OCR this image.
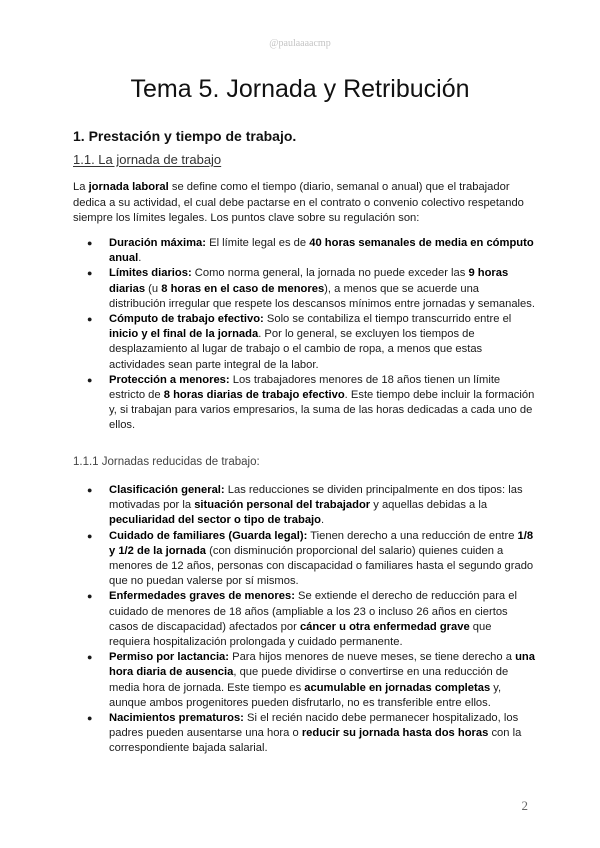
@paulaaaacmp
Tema 5. Jornada y Retribución
1. Prestación y tiempo de trabajo.
1.1. La jornada de trabajo

La jornada laboral se define como el tiempo (diario, semanal o anual) que el trabajador dedica a su actividad, el cual debe pactarse en el contrato o convenio colectivo respetando siempre los límites legales. Los puntos clave sobre su regulación son:

● Duración máxima: El límite legal es de 40 horas semanales de media en cómputo anual.
● Límites diarios: Como norma general, la jornada no puede exceder las 9 horas diarias (u 8 horas en el caso de menores), a menos que se acuerde una distribución irregular que respete los descansos mínimos entre jornadas y semanales.
● Cómputo de trabajo efectivo: Solo se contabiliza el tiempo transcurrido entre el inicio y el final de la jornada. Por lo general, se excluyen los tiempos de desplazamiento al lugar de trabajo o el cambio de ropa, a menos que estas actividades sean parte integral de la labor.
● Protección a menores: Los trabajadores menores de 18 años tienen un límite estricto de 8 horas diarias de trabajo efectivo. Este tiempo debe incluir la formación y, si trabajan para varios empresarios, la suma de las horas dedicadas a cada uno de ellos.
1.1.1 Jornadas reducidas de trabajo:
● Clasificación general: Las reducciones se dividen principalmente en dos tipos: las motivadas por la situación personal del trabajador y aquellas debidas a la peculiaridad del sector o tipo de trabajo.
● Cuidado de familiares (Guarda legal): Tienen derecho a una reducción de entre 1/8 y 1/2 de la jornada (con disminución proporcional del salario) quienes cuiden a menores de 12 años, personas con discapacidad o familiares hasta el segundo grado que no puedan valerse por sí mismos.
● Enfermedades graves de menores: Se extiende el derecho de reducción para el cuidado de menores de 18 años (ampliable a los 23 o incluso 26 años en ciertos casos de discapacidad) afectados por cáncer u otra enfermedad grave que requiera hospitalización prolongada y cuidado permanente.
● Permiso por lactancia: Para hijos menores de nueve meses, se tiene derecho a una hora diaria de ausencia, que puede dividirse o convertirse en una reducción de media hora de jornada. Este tiempo es acumulable en jornadas completas y, aunque ambos progenitores pueden disfrutarlo, no es transferible entre ellos.
● Nacimientos prematuros: Si el recién nacido debe permanecer hospitalizado, los padres pueden ausentarse una hora o reducir su jornada hasta dos horas con la correspondiente bajada salarial.
2
